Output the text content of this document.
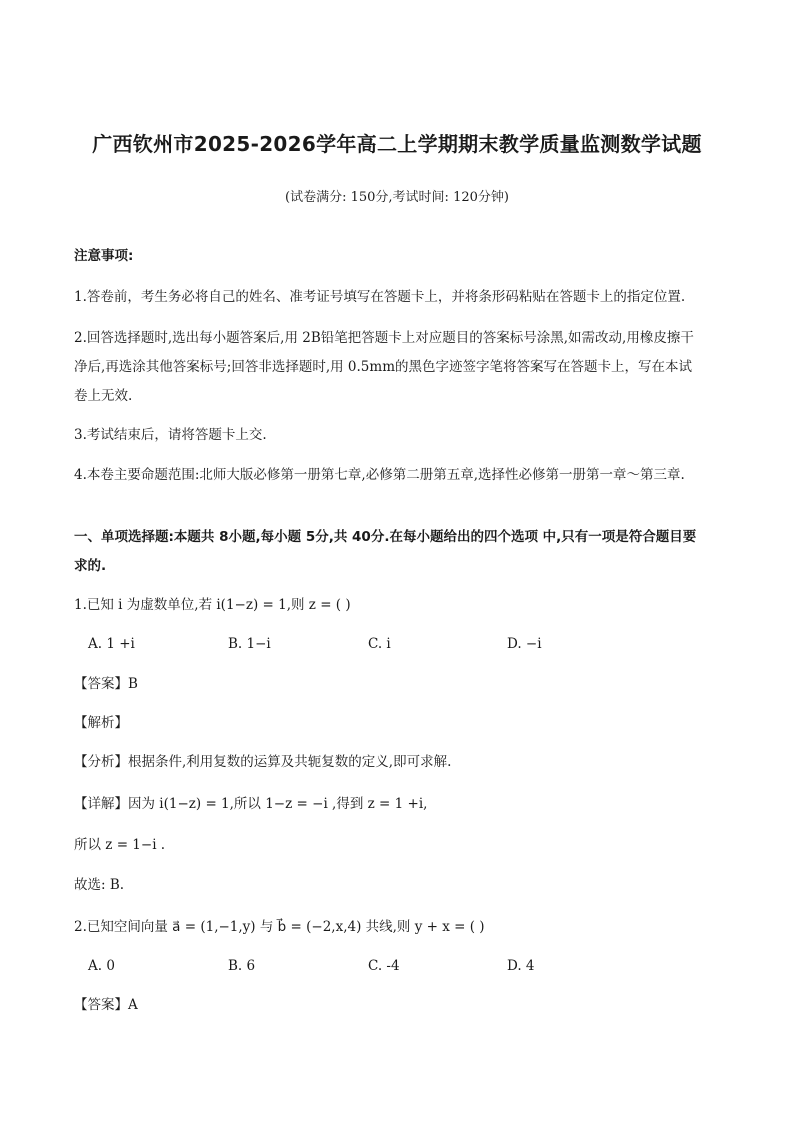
广西钦州市2025-2026学年高二上学期期末教学质量监测数学试题
(试卷满分: 150分,考试时间: 120分钟)
注意事项:
1.答卷前，考生务必将自己的姓名、准考证号填写在答题卡上，并将条形码粘贴在答题卡上的指定位置.
2.回答选择题时,选出每小题答案后,用 2B铅笔把答题卡上对应题目的答案标号涂黑,如需改动,用橡皮擦干
净后,再选涂其他答案标号;回答非选择题时,用 0.5mm的黑色字迹签字笔将答案写在答题卡上，写在本试
卷上无效.
3.考试结束后，请将答题卡上交.
4.本卷主要命题范围:北师大版必修第一册第七章,必修第二册第五章,选择性必修第一册第一章～第三章.
一、单项选择题:本题共 8小题,每小题 5分,共 40分.在每小题给出的四个选项 中,只有一项是符合题目要
求的.
1.已知 i 为虚数单位,若 i(1−z) = 1,则 z = ( )
A. 1 +i	B. 1−i	C. i	D. −i
【答案】B
【解析】
【分析】根据条件,利用复数的运算及共轭复数的定义,即可求解.
【详解】因为 i(1−z) = 1,所以 1−z = −i ,得到 z = 1 +i,
所以 z = 1−i .
故选: B.
2.已知空间向量 a⃗ = (1,−1,y) 与 b⃗ = (−2,x,4) 共线,则 y + x = ( )
A. 0	B. 6	C. -4	D. 4
【答案】A
